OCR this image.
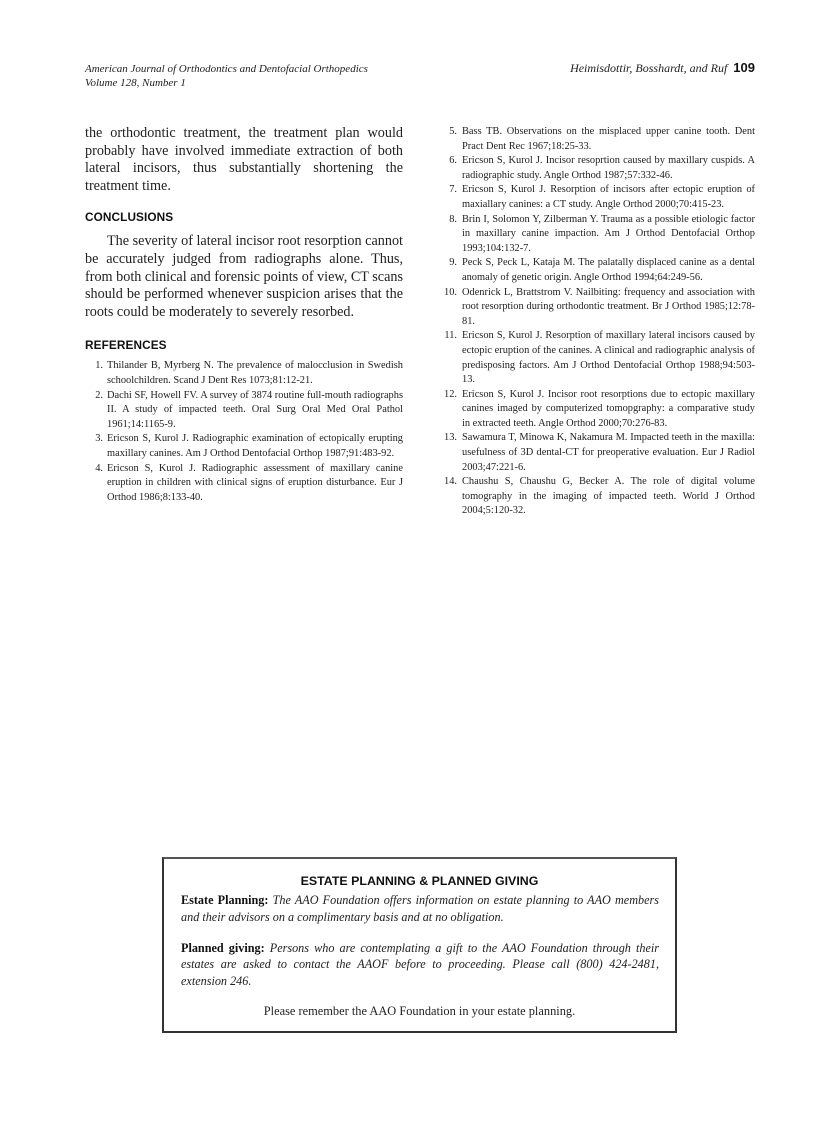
American Journal of Orthodontics and Dentofacial Orthopedics
Volume 128, Number 1
Heimisdottir, Bosshardt, and Ruf 109

the orthodontic treatment, the treatment plan would probably have involved immediate extraction of both lateral incisors, thus substantially shortening the treatment time.

CONCLUSIONS

The severity of lateral incisor root resorption cannot be accurately judged from radiographs alone. Thus, from both clinical and forensic points of view, CT scans should be performed whenever suspicion arises that the roots could be moderately to severely resorbed.

REFERENCES
1. Thilander B, Myrberg N. The prevalence of malocclusion in Swedish schoolchildren. Scand J Dent Res 1073;81:12-21.
2. Dachi SF, Howell FV. A survey of 3874 routine full-mouth radiographs II. A study of impacted teeth. Oral Surg Oral Med Oral Pathol 1961;14:1165-9.
3. Ericson S, Kurol J. Radiographic examination of ectopically erupting maxillary canines. Am J Orthod Dentofacial Orthop 1987;91:483-92.
4. Ericson S, Kurol J. Radiographic assessment of maxillary canine eruption in children with clinical signs of eruption disturbance. Eur J Orthod 1986;8:133-40.
5. Bass TB. Observations on the misplaced upper canine tooth. Dent Pract Dent Rec 1967;18:25-33.
6. Ericson S, Kurol J. Incisor resoprtion caused by maxillary cuspids. A radiographic study. Angle Orthod 1987;57:332-46.
7. Ericson S, Kurol J. Resorption of incisors after ectopic eruption of maxiallary canines: a CT study. Angle Orthod 2000;70:415-23.
8. Brin I, Solomon Y, Zilberman Y. Trauma as a possible etiologic factor in maxillary canine impaction. Am J Orthod Dentofacial Orthop 1993;104:132-7.
9. Peck S, Peck L, Kataja M. The palatally displaced canine as a dental anomaly of genetic origin. Angle Orthod 1994;64:249-56.
10. Odenrick L, Brattstrom V. Nailbiting: frequency and association with root resorption during orthodontic treatment. Br J Orthod 1985;12:78-81.
11. Ericson S, Kurol J. Resorption of maxillary lateral incisors caused by ectopic eruption of the canines. A clinical and radiographic analysis of predisposing factors. Am J Orthod Dentofacial Orthop 1988;94:503-13.
12. Ericson S, Kurol J. Incisor root resorptions due to ectopic maxillary canines imaged by computerized tomopgraphy: a comparative study in extracted teeth. Angle Orthod 2000;70:276-83.
13. Sawamura T, Minowa K, Nakamura M. Impacted teeth in the maxilla: usefulness of 3D dental-CT for preoperative evaluation. Eur J Radiol 2003;47:221-6.
14. Chaushu S, Chaushu G, Becker A. The role of digital volume tomography in the imaging of impacted teeth. World J Orthod 2004;5:120-32.
ESTATE PLANNING & PLANNED GIVING

Estate Planning: The AAO Foundation offers information on estate planning to AAO members and their advisors on a complimentary basis and at no obligation.

Planned giving: Persons who are contemplating a gift to the AAO Foundation through their estates are asked to contact the AAOF before to proceeding. Please call (800) 424-2481, extension 246.

Please remember the AAO Foundation in your estate planning.
